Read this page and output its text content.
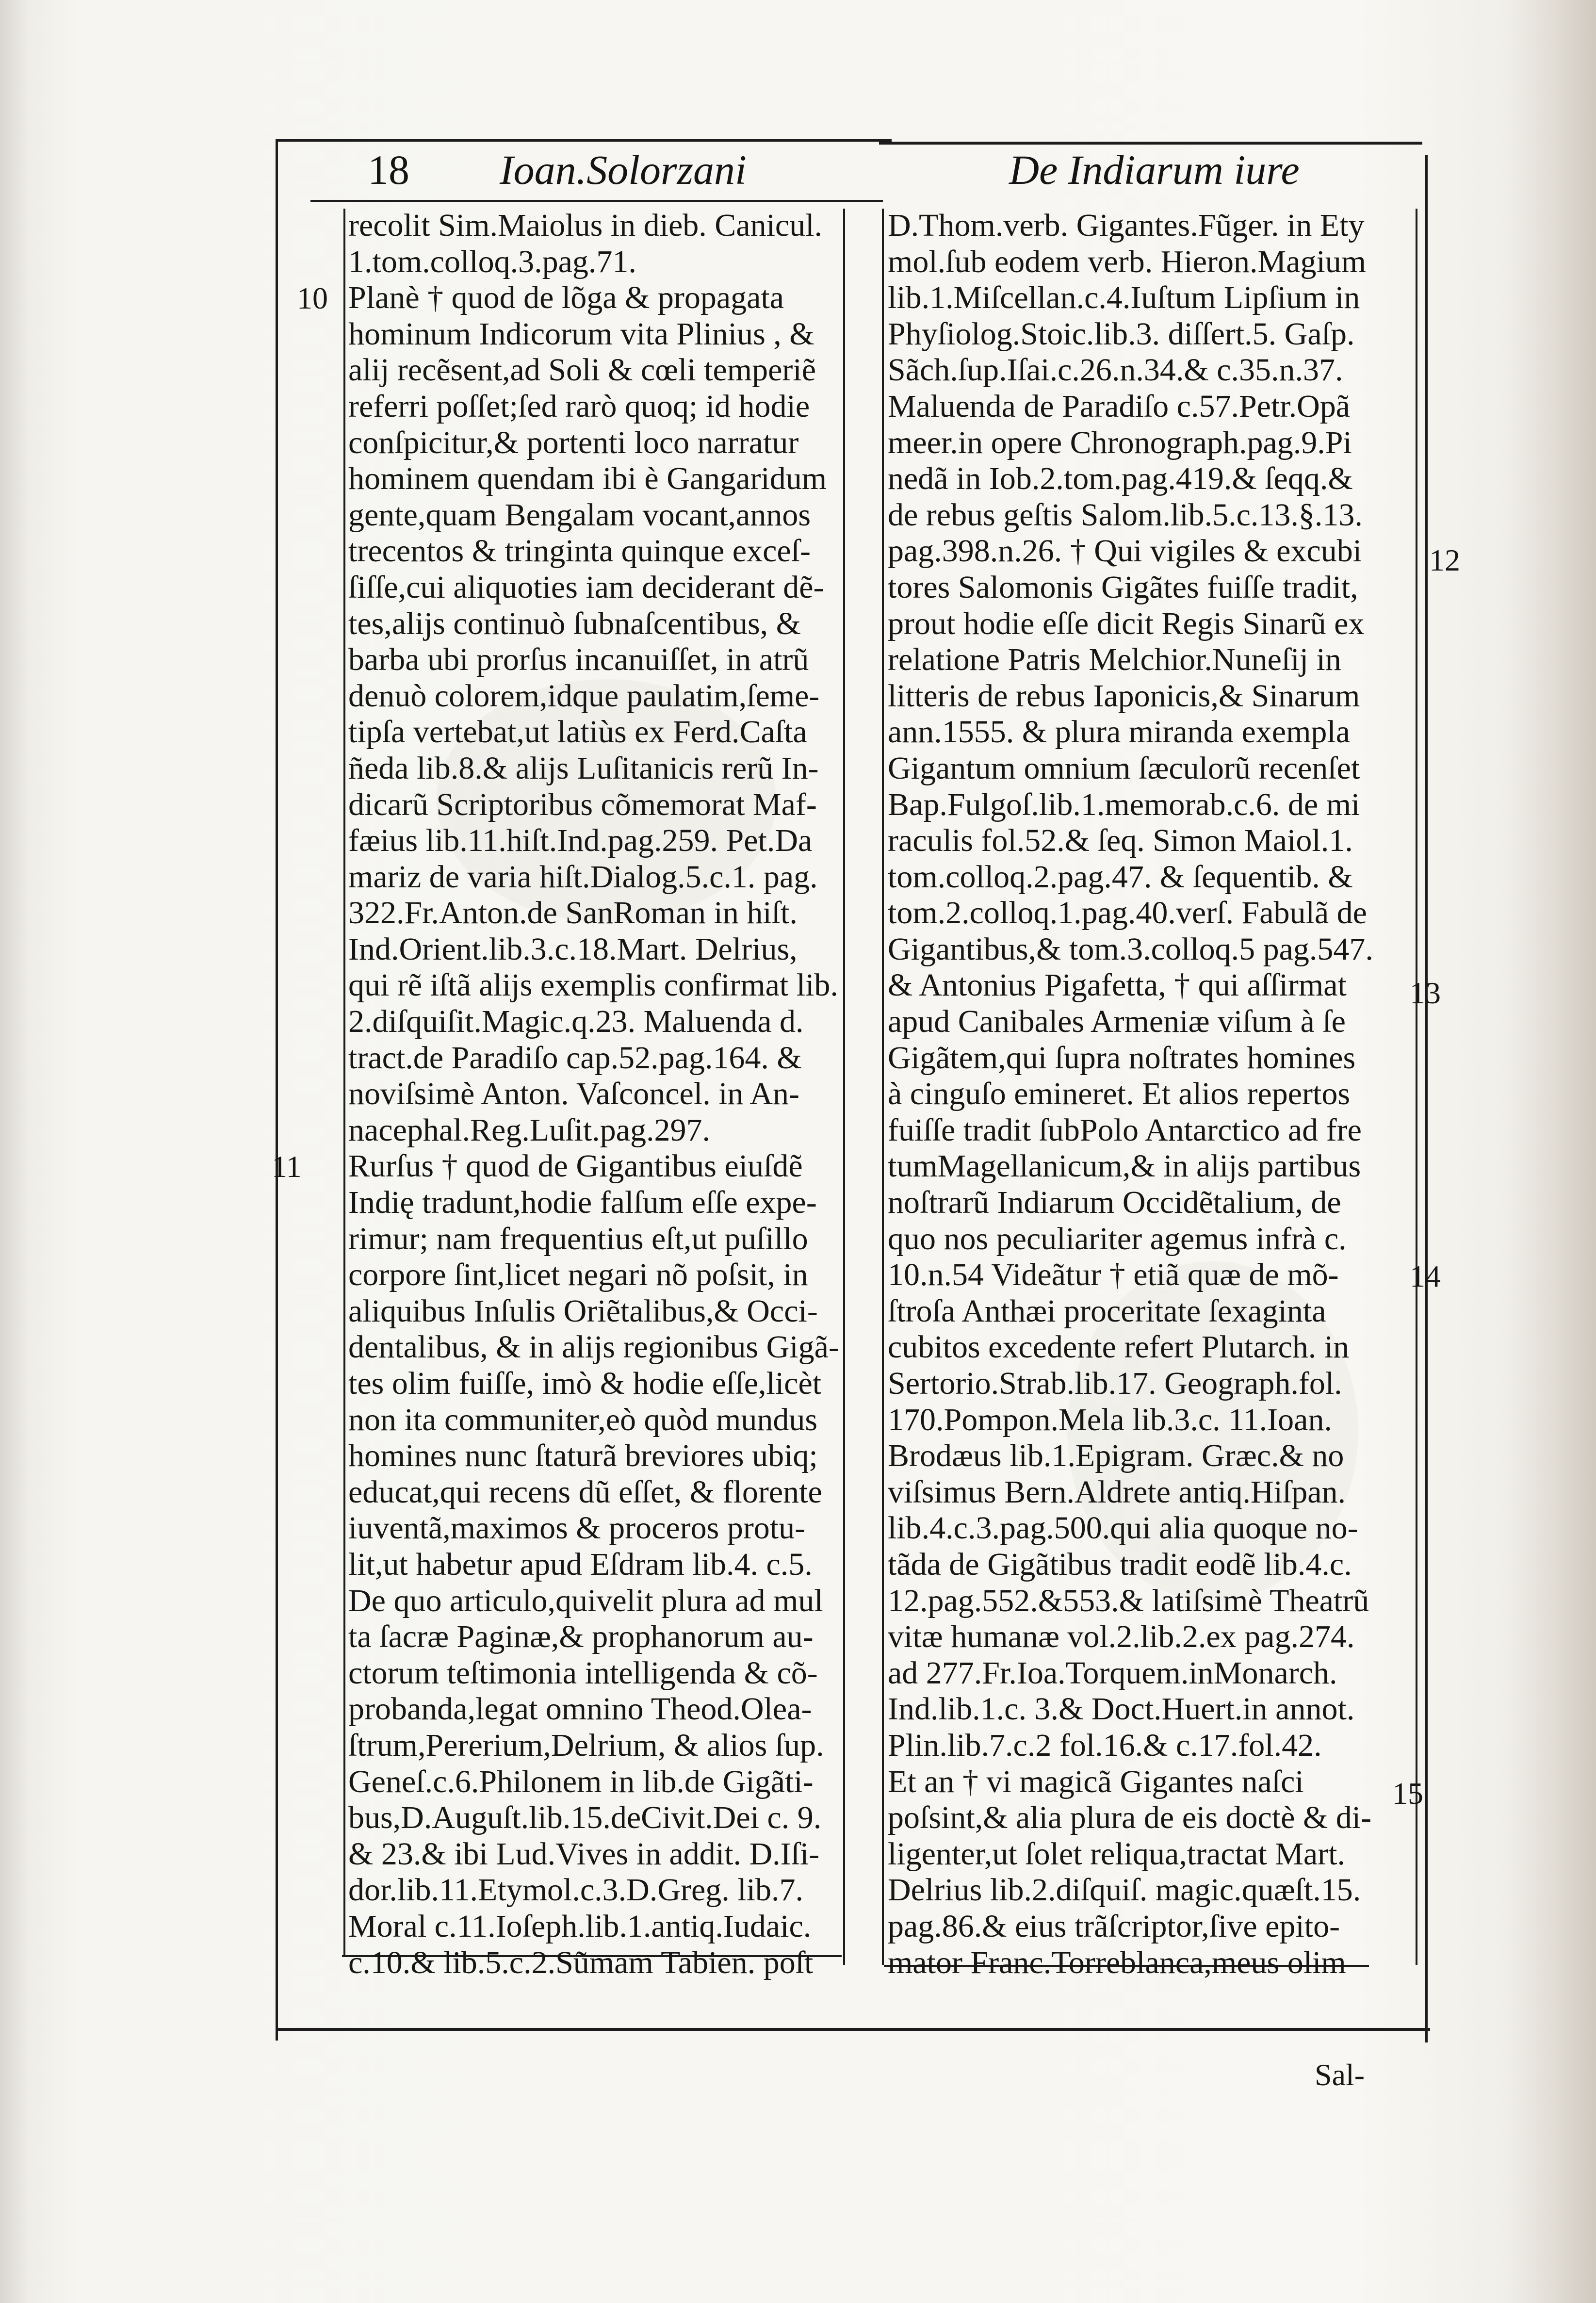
18 Ioan.Solorzani	De Indiarum iure
recolit Sim.Maiolus in dieb. Canicul.
1.tom.colloq.3.pag.71.
Planè † quod de lõga & propagata
hominum Indicorum vita Plinius , &
alij recẽsent,ad Soli & cœli temperiẽ
referri poſſet;ſed rarò quoq; id hodie
conſpicitur,& portenti loco narratur
hominem quendam ibi è Gangaridum
gente,quam Bengalam vocant,annos
trecentos & tringinta quinque exceſ-
ſiſſe,cui aliquoties iam deciderant dẽ-
tes,alijs continuò ſubnaſcentibus, &
barba ubi prorſus incanuiſſet, in atrũ
denuò colorem,idque paulatim,ſeme-
tipſa vertebat,ut latiùs ex Ferd.Caſta
ñeda lib.8.& alijs Luſitanicis rerũ In-
dicarũ Scriptoribus cõmemorat Maf-
fæius lib.11.hiſt.Ind.pag.259. Pet.Da
mariz de varia hiſt.Dialog.5.c.1. pag.
322.Fr.Anton.de SanRoman in hiſt.
Ind.Orient.lib.3.c.18.Mart. Delrius,
qui rẽ iſtã alijs exemplis confirmat lib.
2.diſquiſit.Magic.q.23. Maluenda d.
tract.de Paradiſo cap.52.pag.164. &
noviſsimè Anton. Vaſconcel. in An-
nacephal.Reg.Luſit.pag.297.
Rurſus † quod de Gigantibus eiuſdẽ
Indię tradunt,hodie falſum eſſe expe-
rimur; nam frequentius eſt,ut puſillo
corpore ſint,licet negari nõ poſsit, in
aliquibus Inſulis Oriẽtalibus,& Occi-
dentalibus, & in alijs regionibus Gigã-
tes olim fuiſſe, imò & hodie eſſe,licèt
non ita communiter,eò quòd mundus
homines nunc ſtaturã breviores ubiq;
educat,qui recens dũ eſſet, & florente
iuventã,maximos & proceros protu-
lit,ut habetur apud Eſdram lib.4. c.5.
De quo articulo,quivelit plura ad mul
ta ſacræ Paginæ,& prophanorum au-
ctorum teſtimonia intelligenda & cõ-
probanda,legat omnino Theod.Olea-
ſtrum,Pererium,Delrium, & alios ſup.
Geneſ.c.6.Philonem in lib.de Gigãti-
bus,D.Auguſt.lib.15.deCivit.Dei c. 9.
& 23.& ibi Lud.Vives in addit. D.Iſi-
dor.lib.11.Etymol.c.3.D.Greg. lib.7.
Moral c.11.Ioſeph.lib.1.antiq.Iudaic.
c.10.& lib.5.c.2.Sũmam Tabien. poſt
D.Thom.verb. Gigantes.Fũger. in Ety
mol.ſub eodem verb. Hieron.Magium
lib.1.Miſcellan.c.4.Iuſtum Lipſium in
Phyſiolog.Stoic.lib.3. diſſert.5. Gaſp.
Sãch.ſup.Iſai.c.26.n.34.& c.35.n.37.
Maluenda de Paradiſo c.57.Petr.Opã
meer.in opere Chronograph.pag.9.Pi
nedã in Iob.2.tom.pag.419.& ſeqq.&
de rebus geſtis Salom.lib.5.c.13.§.13.
pag.398.n.26. † Qui vigiles & excubi
tores Salomonis Gigãtes fuiſſe tradit,
prout hodie eſſe dicit Regis Sinarũ ex
relatione Patris Melchior.Nuneſij in
litteris de rebus Iaponicis,& Sinarum
ann.1555. & plura miranda exempla
Gigantum omnium ſæculorũ recenſet
Bap.Fulgoſ.lib.1.memorab.c.6. de mi
raculis fol.52.& ſeq. Simon Maiol.1.
tom.colloq.2.pag.47. & ſequentib. &
tom.2.colloq.1.pag.40.verſ. Fabulã de
Gigantibus,& tom.3.colloq.5 pag.547.
& Antonius Pigafetta, † qui aſſirmat
apud Canibales Armeniæ viſum à ſe
Gigãtem,qui ſupra noſtrates homines
à cinguſo emineret. Et alios repertos
fuiſſe tradit ſubPolo Antarctico ad fre
tumMagellanicum,& in alijs partibus
noſtrarũ Indiarum Occidẽtalium, de
quo nos peculiariter agemus infrà c.
10.n.54 Videãtur † etiã quæ de mõ-
ſtroſa Anthæi proceritate ſexaginta
cubitos excedente refert Plutarch. in
Sertorio.Strab.lib.17. Geograph.fol.
170.Pompon.Mela lib.3.c. 11.Ioan.
Brodæus lib.1.Epigram. Græc.& no
viſsimus Bern.Aldrete antiq.Hiſpan.
lib.4.c.3.pag.500.qui alia quoque no-
tãda de Gigãtibus tradit eodẽ lib.4.c.
12.pag.552.&553.& latiſsimè Theatrũ
vitæ humanæ vol.2.lib.2.ex pag.274.
ad 277.Fr.Ioa.Torquem.inMonarch.
Ind.lib.1.c. 3.& Doct.Huert.in annot.
Plin.lib.7.c.2 fol.16.& c.17.fol.42.
Et an † vi magicã Gigantes naſci
poſsint,& alia plura de eis doctè & di-
ligenter,ut ſolet reliqua,tractat Mart.
Delrius lib.2.diſquiſ. magic.quæſt.15.
pag.86.& eius trãſcriptor,ſive epito-
mator Franc.Torreblanca,meus olim
10
11
12
13
14
15
Sal-
